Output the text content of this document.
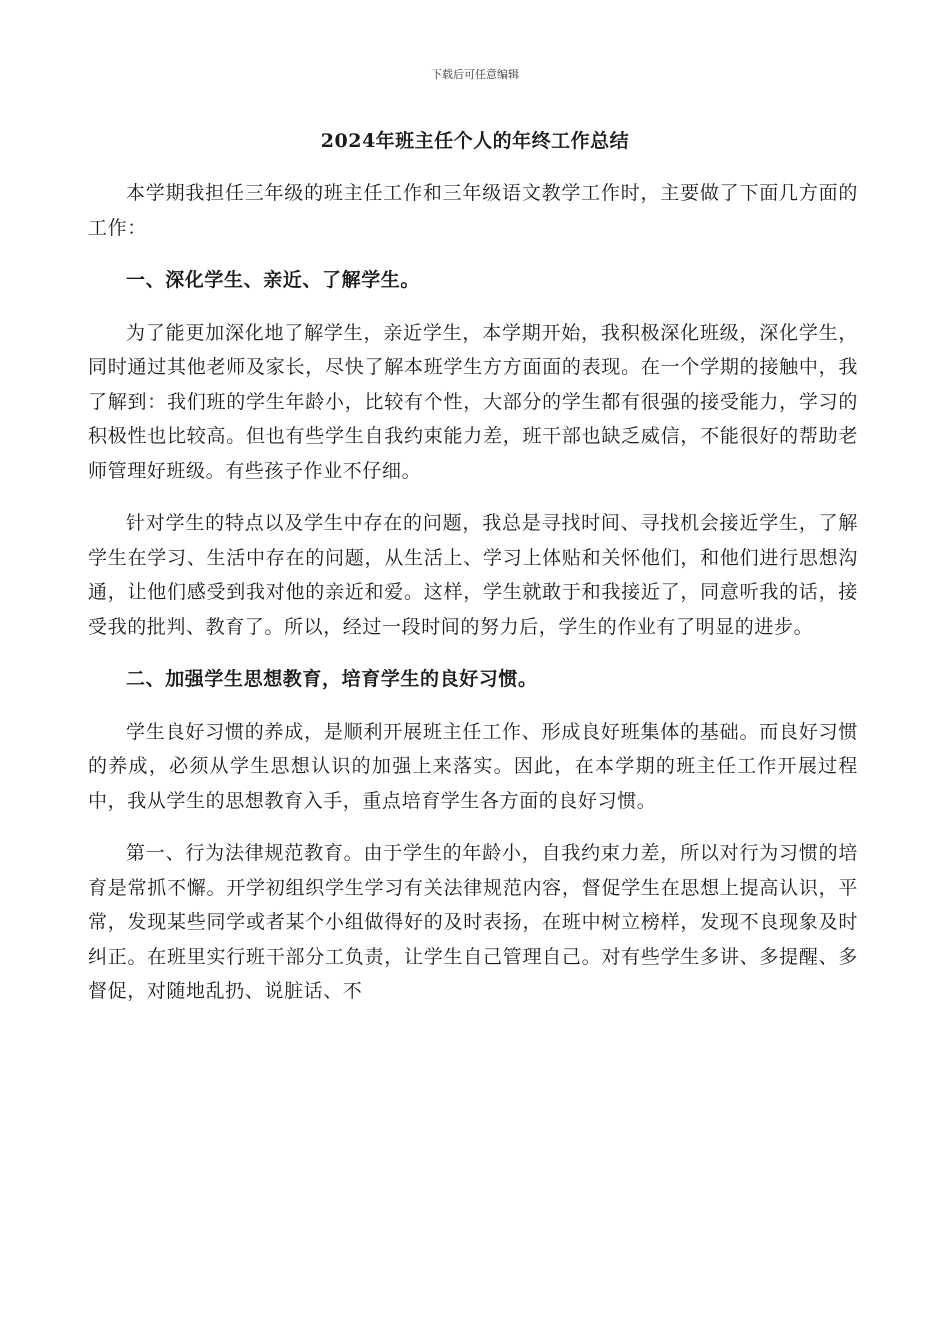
下载后可任意编辑
2024年班主任个人的年终工作总结

本学期我担任三年级的班主任工作和三年级语文教学工作时，主要做了下面几方面的工作：

一、深化学生、亲近、了解学生。

为了能更加深化地了解学生，亲近学生，本学期开始，我积极深化班级，深化学生，同时通过其他老师及家长，尽快了解本班学生方方面面的表现。在一个学期的接触中，我了解到：我们班的学生年龄小，比较有个性，大部分的学生都有很强的接受能力，学习的积极性也比较高。但也有些学生自我约束能力差，班干部也缺乏威信，不能很好的帮助老师管理好班级。有些孩子作业不仔细。

针对学生的特点以及学生中存在的问题，我总是寻找时间、寻找机会接近学生，了解学生在学习、生活中存在的问题，从生活上、学习上体贴和关怀他们，和他们进行思想沟通，让他们感受到我对他的亲近和爱。这样，学生就敢于和我接近了，同意听我的话，接受我的批判、教育了。所以，经过一段时间的努力后，学生的作业有了明显的进步。

二、加强学生思想教育，培育学生的良好习惯。

学生良好习惯的养成，是顺利开展班主任工作、形成良好班集体的基础。而良好习惯的养成，必须从学生思想认识的加强上来落实。因此，在本学期的班主任工作开展过程中，我从学生的思想教育入手，重点培育学生各方面的良好习惯。

第一、行为法律规范教育。由于学生的年龄小，自我约束力差，所以对行为习惯的培育是常抓不懈。开学初组织学生学习有关法律规范内容，督促学生在思想上提高认识，平常，发现某些同学或者某个小组做得好的及时表扬，在班中树立榜样，发现不良现象及时纠正。在班里实行班干部分工负责，让学生自己管理自己。对有些学生多讲、多提醒、多督促，对随地乱扔、说脏话、不
